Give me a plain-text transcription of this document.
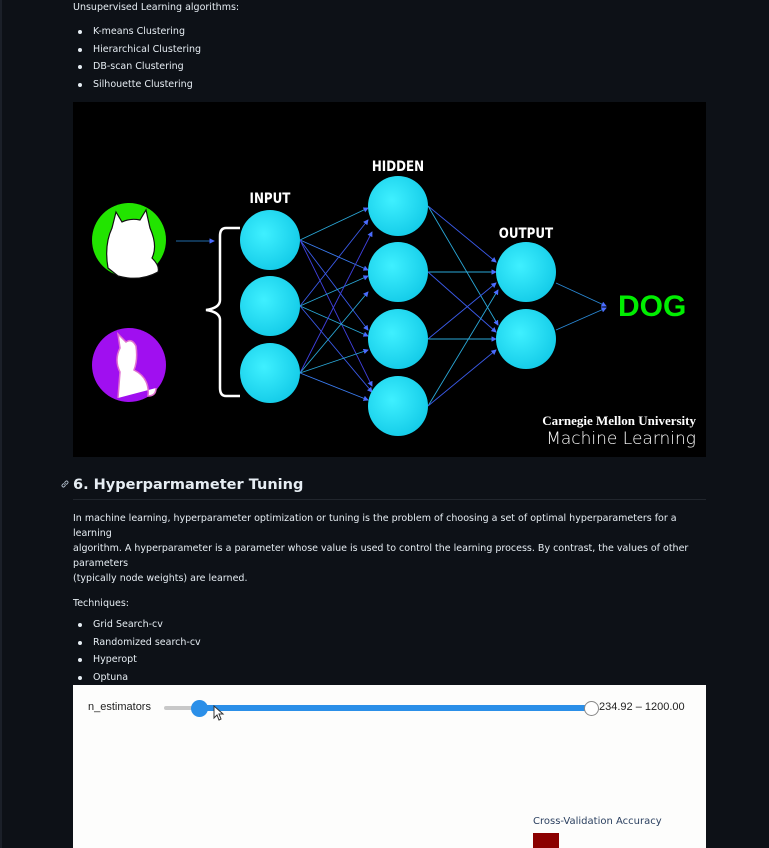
Unsupervised Learning algorithms:

K-means Clustering
Hierarchical Clustering
DB-scan Clustering
Silhouette Clustering
INPUT
HIDDEN
OUTPUT
DOG
Carnegie Mellon University
Machine Learning
6. Hyperparmameter Tuning

In machine learning, hyperparameter optimization or tuning is the problem of choosing a set of optimal hyperparameters for a learning

algorithm. A hyperparameter is a parameter whose value is used to control the learning process. By contrast, the values of other parameters

(typically node weights) are learned.

Techniques:

Grid Search-cv
Randomized search-cv
Hyperopt
Optuna
n_estimators	234.92 – 1200.00
Cross-Validation Accuracy
